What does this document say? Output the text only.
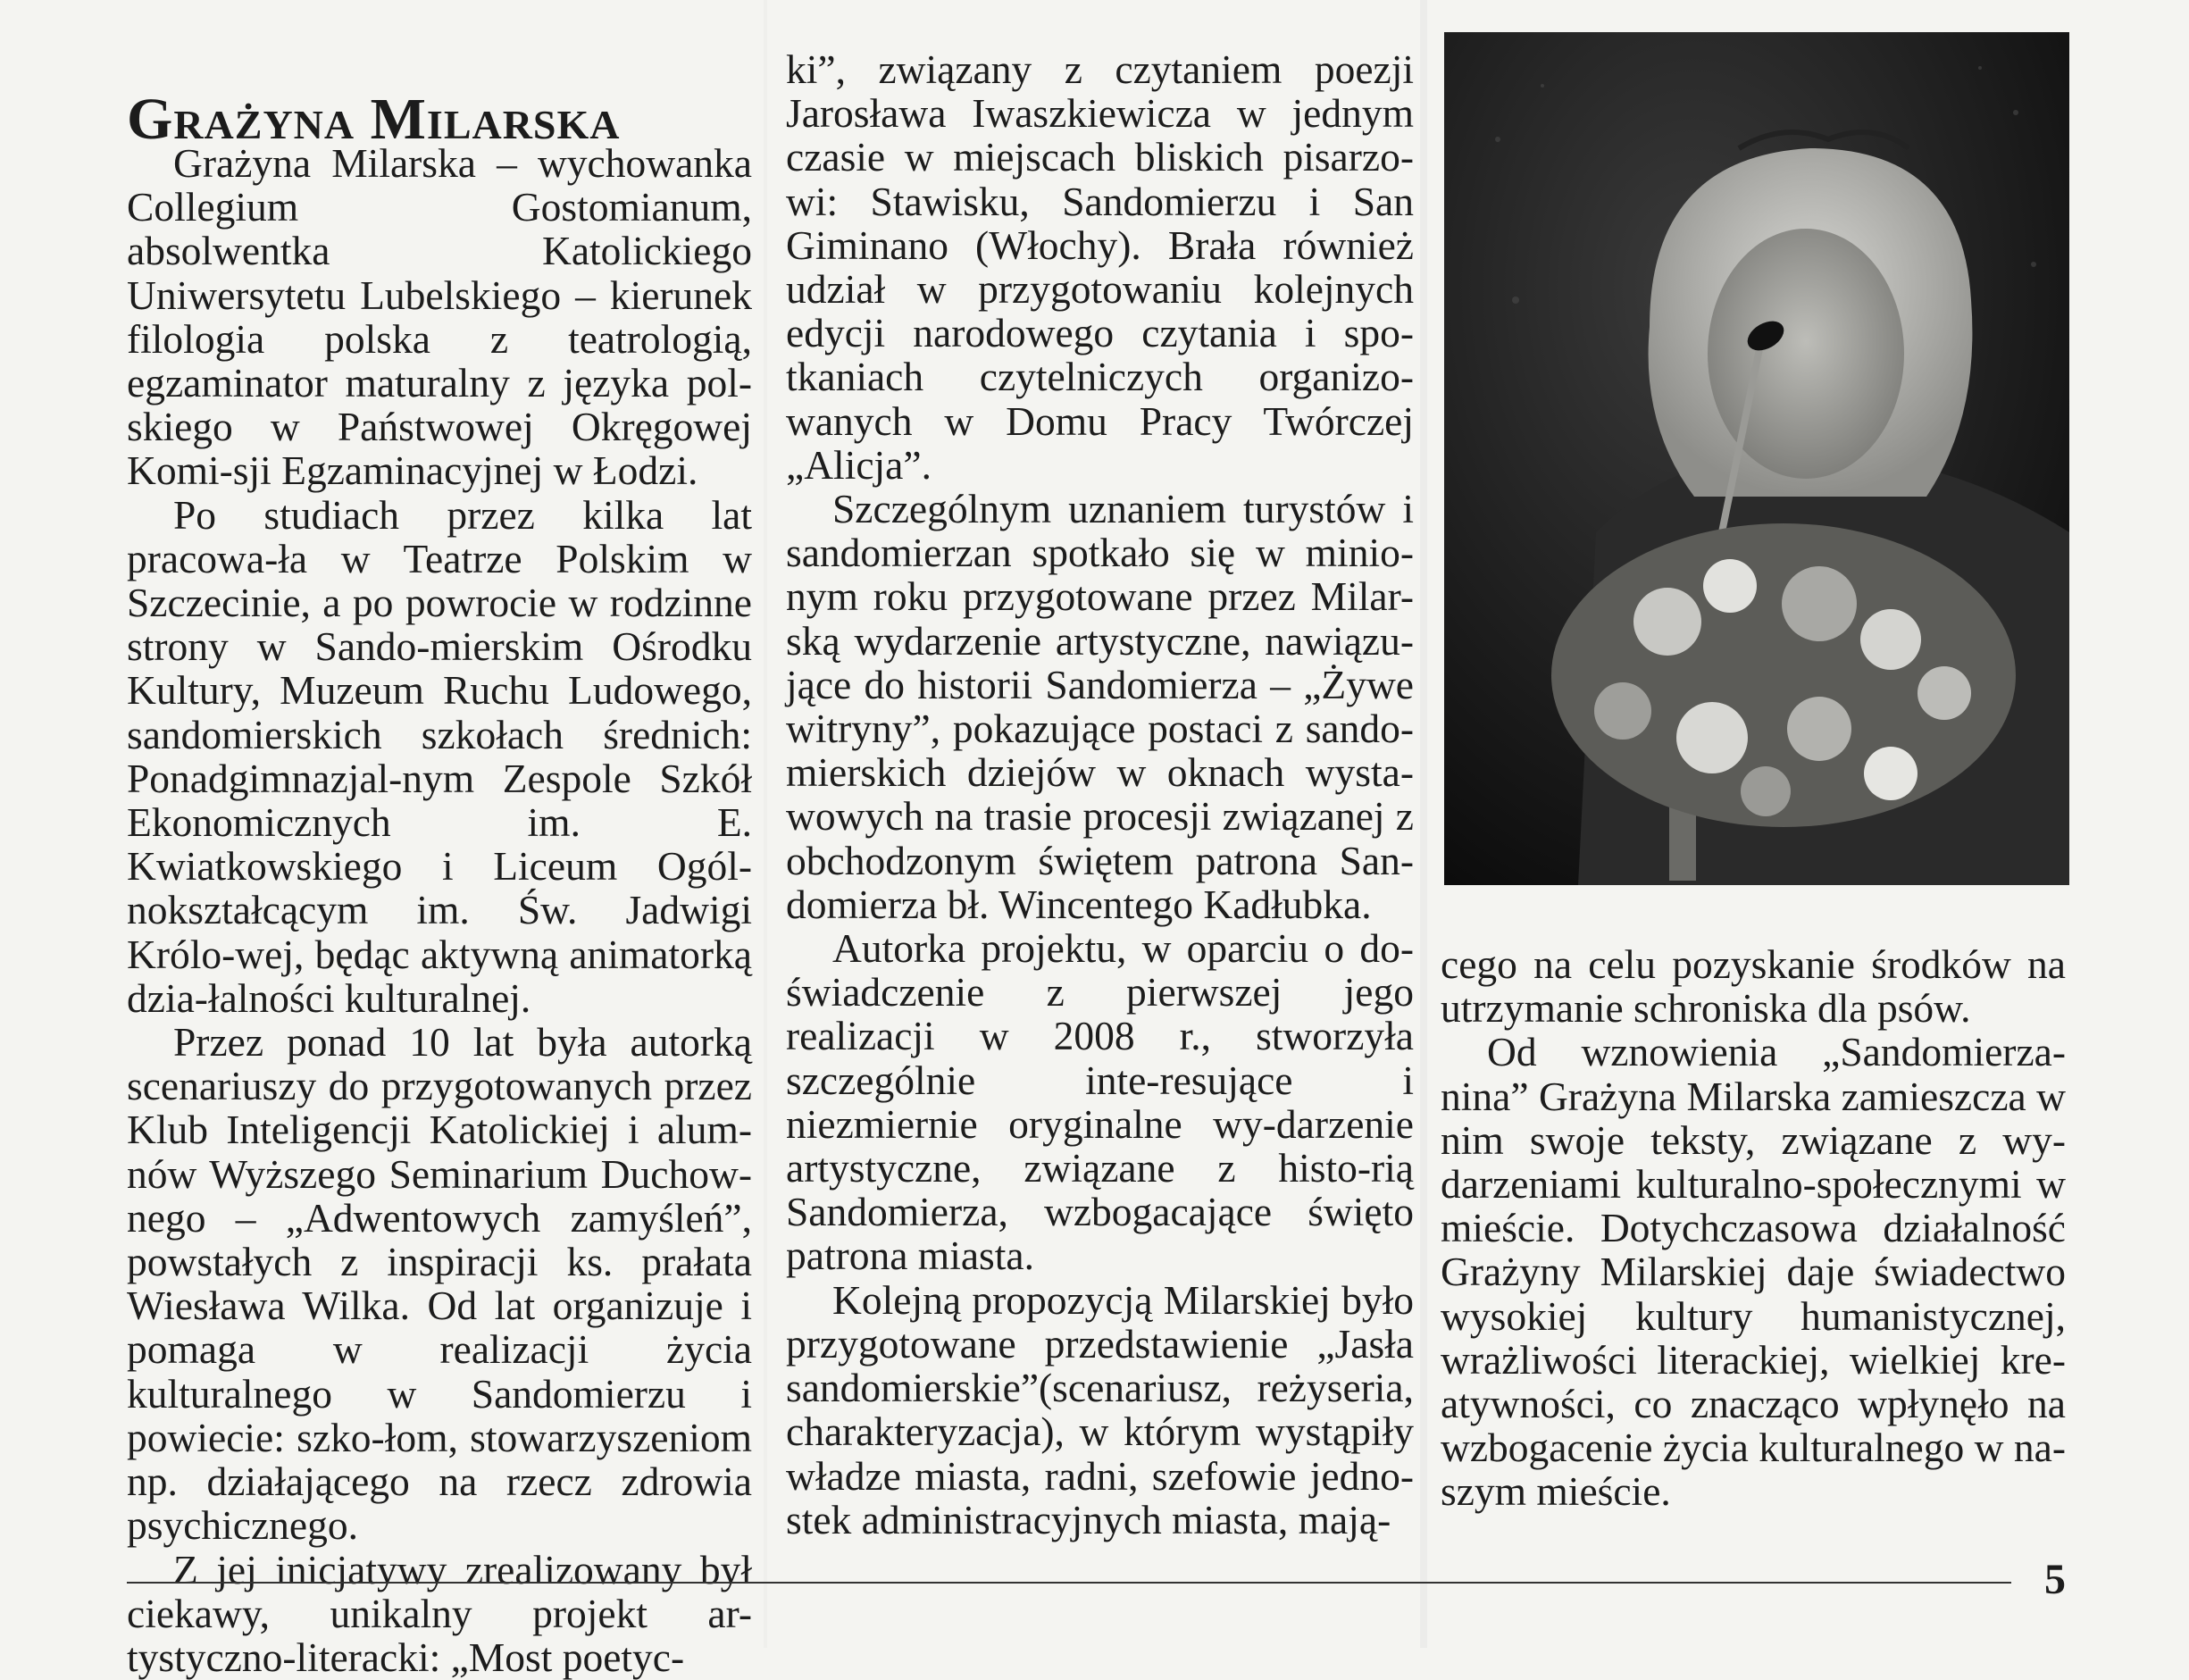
Grażyna Milarska

Grażyna Milarska – wychowanka Collegium Gostomianum, absolwentka Katolickiego Uniwersytetu Lubelskiego – kierunek filologia polska z teatrologią, egzaminator maturalny z języka pol-skiego w Państwowej Okręgowej Komi-sji Egzaminacyjnej w Łodzi.

Po studiach przez kilka lat pracowa-ła w Teatrze Polskim w Szczecinie, a po powrocie w rodzinne strony w Sando-mierskim Ośrodku Kultury, Muzeum Ruchu Ludowego, sandomierskich szkołach średnich: Ponadgimnazjal-nym Zespole Szkół Ekonomicznych im. E. Kwiatkowskiego i Liceum Ogól-nokształcącym im. Św. Jadwigi Królo-wej, będąc aktywną animatorką dzia-łalności kulturalnej.

Przez ponad 10 lat była autorką scenariuszy do przygotowanych przez Klub Inteligencji Katolickiej i alum-nów Wyższego Seminarium Duchow-nego – „Adwentowych zamyśleń”, powstałych z inspiracji ks. prałata Wiesława Wilka. Od lat organizuje i pomaga w realizacji życia kulturalnego w Sandomierzu i powiecie: szko-łom, stowarzyszeniom np. działającego na rzecz zdrowia psychicznego.

Z jej inicjatywy zrealizowany był ciekawy, unikalny projekt ar-tystyczno-literacki: „Most poetyc-

ki”, związany z czytaniem poezji Jarosława Iwaszkiewicza w jednym czasie w miejscach bliskich pisarzo-wi: Stawisku, Sandomierzu i San Giminano (Włochy). Brała również udział w przygotowaniu kolejnych edycji narodowego czytania i spo-tkaniach czytelniczych organizo-wanych w Domu Pracy Twórczej „Alicja”.

Szczególnym uznaniem turystów i sandomierzan spotkało się w minio-nym roku przygotowane przez Milar-ską wydarzenie artystyczne, nawiązu-jące do historii Sandomierza – „Żywe witryny”, pokazujące postaci z sando-mierskich dziejów w oknach wysta-wowych na trasie procesji związanej z obchodzonym świętem patrona San-domierza bł. Wincentego Kadłubka.

Autorka projektu, w oparciu o do-świadczenie z pierwszej jego realizacji w 2008 r., stworzyła szczególnie inte-resujące i niezmiernie oryginalne wy-darzenie artystyczne, związane z histo-rią Sandomierza, wzbogacające święto patrona miasta.

Kolejną propozycją Milarskiej było przygotowane przedstawienie „Jasła sandomierskie”(scenariusz, reżyseria, charakteryzacja), w którym wystąpiły władze miasta, radni, szefowie jedno-stek administracyjnych miasta, mają-

cego na celu pozyskanie środków na utrzymanie schroniska dla psów.

Od wznowienia „Sandomierza-nina” Grażyna Milarska zamieszcza w nim swoje teksty, związane z wy-darzeniami kulturalno-społecznymi w mieście. Dotychczasowa działalność Grażyny Milarskiej daje świadectwo wysokiej kultury humanistycznej, wrażliwości literackiej, wielkiej kre-atywności, co znacząco wpłynęło na wzbogacenie życia kulturalnego w na-szym mieście.

5
